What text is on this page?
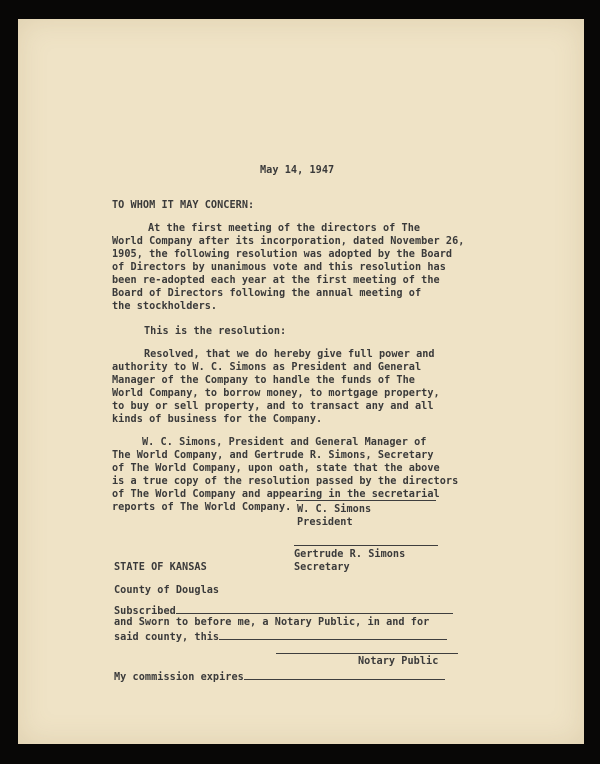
May 14, 1947

TO WHOM IT MAY CONCERN:

At the first meeting of the directors of The

World Company after its incorporation, dated November 26,

1905, the following resolution was adopted by the Board

of Directors by unanimous vote and this resolution has

been re-adopted each year at the first meeting of the

Board of Directors following the annual meeting of

the stockholders.

This is the resolution:

Resolved, that we do hereby give full power and

authority to W. C. Simons as President and General

Manager of the Company to handle the funds of The

World Company, to borrow money, to mortgage property,

to buy or sell property, and to transact any and all

kinds of business for the Company.

W. C. Simons, President and General Manager of

The World Company, and Gertrude R. Simons, Secretary

of The World Company, upon oath, state that the above

is a true copy of the resolution passed by the directors

of The World Company and appearing in the secretarial

reports of The World Company. W. C. Simons

President

Gertrude R. Simons

Secretary

STATE OF KANSAS

County of Douglas

Subscribed

and Sworn to before me, a Notary Public, in and for

said county, this

Notary Public

My commission expires
